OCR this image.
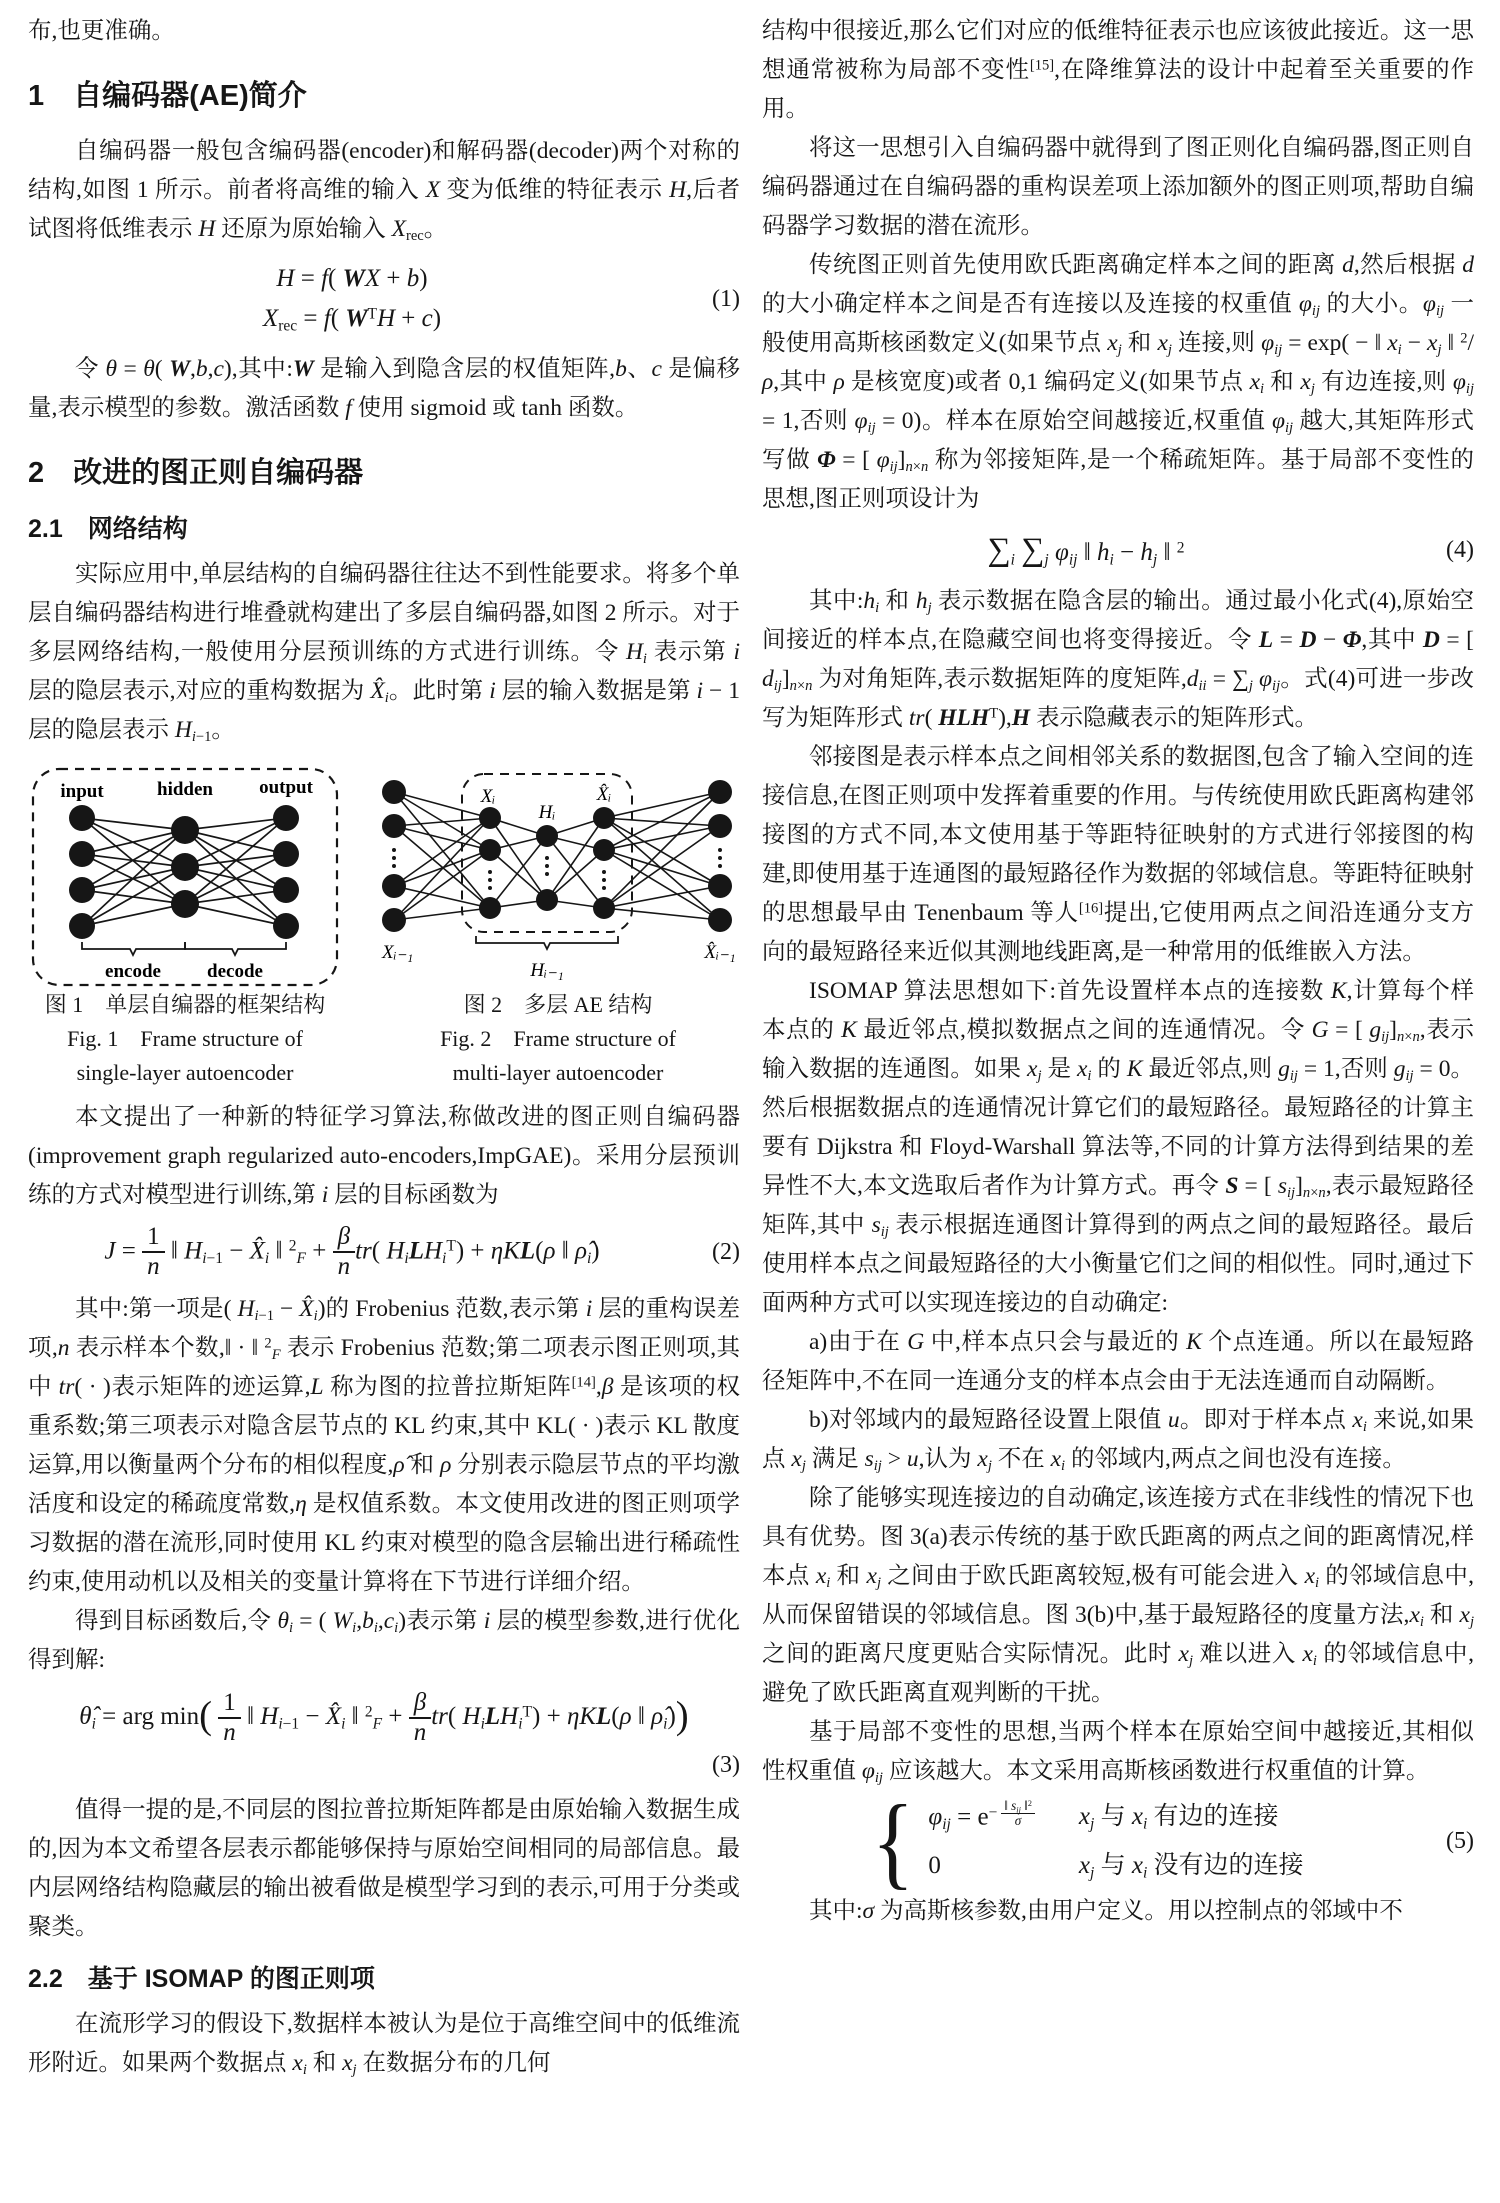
布,也更准确。

1　自编码器(AE)简介

自编码器一般包含编码器(encoder)和解码器(decoder)两个对称的结构,如图 1 所示。前者将高维的输入 X 变为低维的特征表示 H,后者试图将低维表示 H 还原为原始输入 $X_{rec}$。

H = f( WX + b)
$X_{rec} = f$( $W^TH + c$)
(1)

令 θ = θ( W,b,c),其中:W 是输入到隐含层的权值矩阵,b、c 是偏移量,表示模型的参数。激活函数 f 使用 sigmoid 或 tanh 函数。

2　改进的图正则自编码器
2.1　网络结构

实际应用中,单层结构的自编码器往往达不到性能要求。将多个单层自编码器结构进行堆叠就构建出了多层自编码器,如图 2 所示。对于多层网络结构,一般使用分层预训练的方式进行训练。令 $H_i$ 表示第 i 层的隐层表示,对应的重构数据为 $X̂_i$。此时第 i 层的输入数据是第 i − 1 层的隐层表示 $H_{i-1}$。

input	hidden output
encode decode
图 1　单层自编器的框架结构
Fig. 1　Frame structure of
single-layer autoencoder
Xᵢ
Hᵢ
X̂ᵢ
Xᵢ₋₁	X̂ᵢ₋₁
Hᵢ₋₁
图 2　多层 AE 结构
Fig. 2　Frame structure of
multi-layer autoencoder

本文提出了一种新的特征学习算法,称做改进的图正则自编码器(improvement graph regularized auto-encoders,ImpGAE)。采用分层预训练的方式对模型进行训练,第 i 层的目标函数为

$J = \frac{1}{n}$ ‖ $H_{i-1}$ − $X̂_i$ ‖ $^2_F + \frac{\beta}{n} tr$( $H_iLH_i^T) + \eta KL(\rho$ ‖ $\rhô_i$)	(2)

其中:第一项是( $H_{i-1}$ − $X̂_i$)的 Frobenius 范数,表示第 i 层的重构误差项,n 表示样本个数,‖ · ‖ $^2_F$ 表示 Frobenius 范数;第二项表示图正则项,其中 tr( · )表示矩阵的迹运算,L 称为图的拉普拉斯矩阵[14],β 是该项的权重系数;第三项表示对隐含层节点的 KL 约束,其中 KL( · )表示 KL 散度运算,用以衡量两个分布的相似程度,ρ̂ 和 ρ 分别表示隐层节点的平均激活度和设定的稀疏度常数,η 是权值系数。本文使用改进的图正则项学习数据的潜在流形,同时使用 KL 约束对模型的隐含层输出进行稀疏性约束,使用动机以及相关的变量计算将在下节进行详细介绍。

得到目标函数后,令 $\theta_i$ = ( $W_i,b_i,c_i$)表示第 i 层的模型参数,进行优化得到解:

$\thetâ_i$ = arg $\min( \frac{1}{n}$ ‖ $H_{i-1}$ − $X̂_i$ ‖ $^2_F + \frac{\beta}{n} tr$( $H_iLH_i^T) + \eta KL(\rho$ ‖ $\rhô_i$))
(3)

值得一提的是,不同层的图拉普拉斯矩阵都是由原始输入数据生成的,因为本文希望各层表示都能够保持与原始空间相同的局部信息。最内层网络结构隐藏层的输出被看做是模型学习到的表示,可用于分类或聚类。

2.2　基于 ISOMAP 的图正则项

在流形学习的假设下,数据样本被认为是位于高维空间中的低维流形附近。如果两个数据点 $x_i$ 和 $x_j$ 在数据分布的几何

结构中很接近,那么它们对应的低维特征表示也应该彼此接近。这一思想通常被称为局部不变性[15],在降维算法的设计中起着至关重要的作用。

将这一思想引入自编码器中就得到了图正则化自编码器,图正则自编码器通过在自编码器的重构误差项上添加额外的图正则项,帮助自编码器学习数据的潜在流形。

传统图正则首先使用欧氏距离确定样本之间的距离 d,然后根据 d 的大小确定样本之间是否有连接以及连接的权重值 $\varphi_{ij}$ 的大小。$\varphi_{ij}$ 一般使用高斯核函数定义(如果节点 $x_j$ 和 $x_j$ 连接,则 $\varphi_{ij} = \exp$( − ‖ $x_i - x_j$ ‖ $^2$/ρ,其中 ρ 是核宽度)或者 0,1 编码定义(如果节点 $x_i$ 和 $x_j$ 有边连接,则 $\varphi_{ij} = 1$,否则 $\varphi_{ij} = 0$)。样本在原始空间越接近,权重值 $\varphi_{ij}$ 越大,其矩阵形式写做 Φ = [ $\varphi_{ij}]_{n\times n}$ 称为邻接矩阵,是一个稀疏矩阵。基于局部不变性的思想,图正则项设计为

$\sum_i$ $\sum_j$ $\varphi_{ij}$ ‖ $h_i - h_j$ ‖ $^2$	(4)

其中$:h_i$ 和 $h_j$ 表示数据在隐含层的输出。通过最小化式(4),原始空间接近的样本点,在隐藏空间也将变得接近。令 L = D − Φ,其中 D = [ $d_{ij}]_{n\times n}$ 为对角矩阵,表示数据矩阵的度矩阵$,d_{ii} = \sum_j$ $\varphi_{ij}$。式(4)可进一步改写为矩阵形式 tr( $HLH^T),H$ 表示隐藏表示的矩阵形式。

邻接图是表示样本点之间相邻关系的数据图,包含了输入空间的连接信息,在图正则项中发挥着重要的作用。与传统使用欧氏距离构建邻接图的方式不同,本文使用基于等距特征映射的方式进行邻接图的构建,即使用基于连通图的最短路径作为数据的邻域信息。等距特征映射的思想最早由 Tenenbaum 等人[16]提出,它使用两点之间沿连通分支方向的最短路径来近似其测地线距离,是一种常用的低维嵌入方法。

ISOMAP 算法思想如下:首先设置样本点的连接数 K,计算每个样本点的 K 最近邻点,模拟数据点之间的连通情况。令 G = [ $g_{ij}]_{n\times n}$,表示输入数据的连通图。如果 $x_j$ 是 $x_i$ 的 K 最近邻点,则 $g_{ij} = 1$,否则 $g_{ij} = 0$。然后根据数据点的连通情况计算它们的最短路径。最短路径的计算主要有 Dijkstra 和 Floyd-Warshall 算法等,不同的计算方法得到结果的差异性不大,本文选取后者作为计算方式。再令 S = [ $s_{ij}]_{n\times n}$,表示最短路径矩阵,其中 $s_{ij}$ 表示根据连通图计算得到的两点之间的最短路径。最后使用样本点之间最短路径的大小衡量它们之间的相似性。同时,通过下面两种方式可以实现连接边的自动确定:

a)由于在 G 中,样本点只会与最近的 K 个点连通。所以在最短路径矩阵中,不在同一连通分支的样本点会由于无法连通而自动隔断。

b)对邻域内的最短路径设置上限值 u。即对于样本点 $x_i$ 来说,如果点 $x_j$ 满足 $s_{ij} > u$,认为 $x_j$ 不在 $x_i$ 的邻域内,两点之间也没有连接。

除了能够实现连接边的自动确定,该连接方式在非线性的情况下也具有优势。图 3(a)表示传统的基于欧氏距离的两点之间的距离情况,样本点 $x_i$ 和 $x_j$ 之间由于欧氏距离较短,极有可能会进入 $x_i$ 的邻域信息中,从而保留错误的邻域信息。图 3(b)中,基于最短路径的度量方法$,x_i$ 和 $x_j$ 之间的距离尺度更贴合实际情况。此时 $x_j$ 难以进入 $x_i$ 的邻域信息中,避免了欧氏距离直观判断的干扰。

基于局部不变性的思想,当两个样本在原始空间中越接近,其相似性权重值 $\varphi_{ij}$ 应该越大。本文采用高斯核函数进行权重值的计算。

{ $\varphi_{ij} = e^{- ‖ s_{ij} ‖^2 \sigma}$	$x_j$ 与 $x_i$ 有边的连接
0	$x_j$ 与 $x_i$ 没有边的连接
(5)

其中:σ 为高斯核参数,由用户定义。用以控制点的邻域中不
